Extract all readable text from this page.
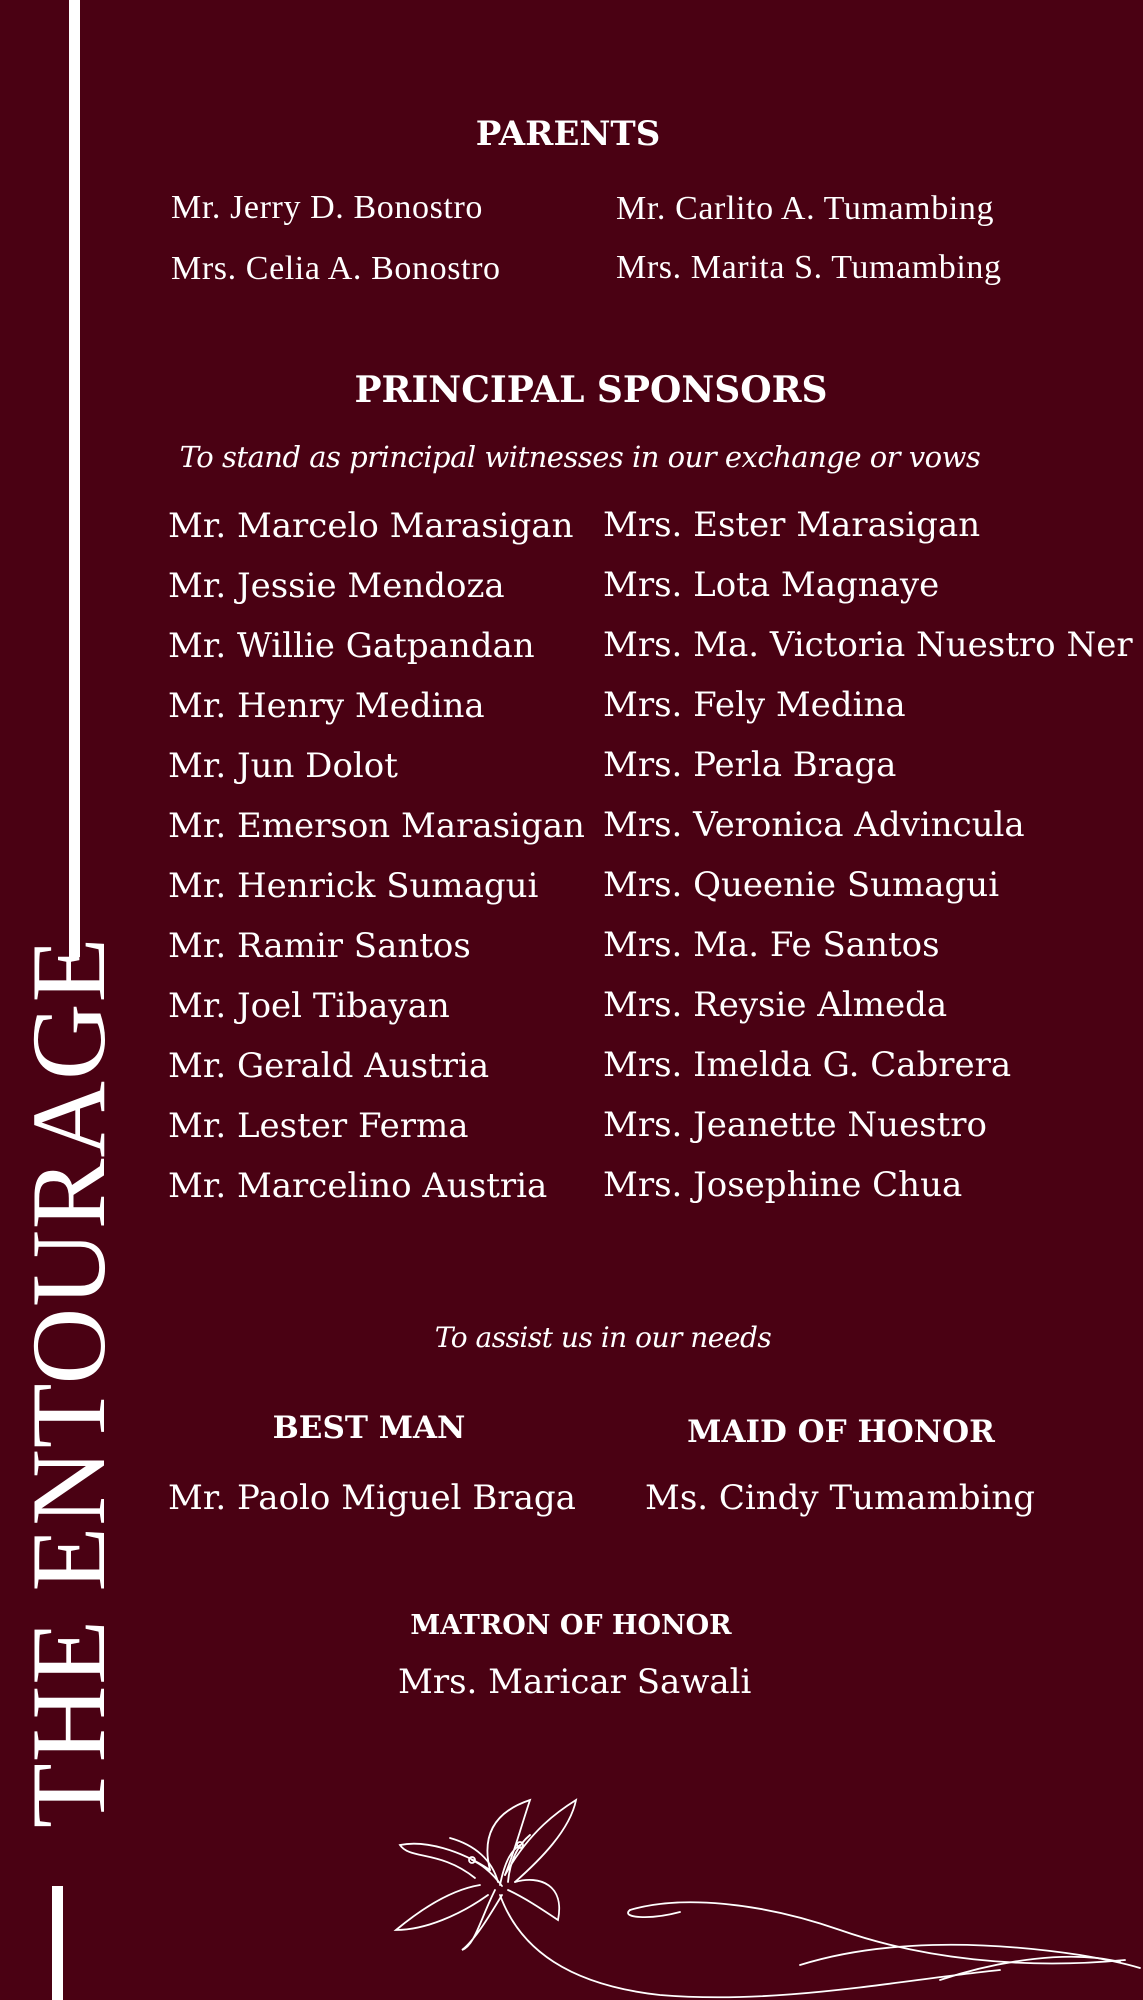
THE ENTOURAGE
PARENTS
Mr. Jerry D. Bonostro
Mrs. Celia A. Bonostro
Mr. Carlito A. Tumambing
Mrs. Marita S. Tumambing
PRINCIPAL SPONSORS
To stand as principal witnesses in our exchange or vows
Mr. Marcelo Marasigan
Mr. Jessie Mendoza
Mr. Willie Gatpandan
Mr. Henry Medina
Mr. Jun Dolot
Mr. Emerson Marasigan
Mr. Henrick Sumagui
Mr. Ramir Santos
Mr. Joel Tibayan
Mr. Gerald Austria
Mr. Lester Ferma
Mr. Marcelino Austria
Mrs. Ester Marasigan
Mrs. Lota Magnaye
Mrs. Ma. Victoria Nuestro Ner
Mrs. Fely Medina
Mrs. Perla Braga
Mrs. Veronica Advincula
Mrs. Queenie Sumagui
Mrs. Ma. Fe Santos
Mrs. Reysie Almeda
Mrs. Imelda G. Cabrera
Mrs. Jeanette Nuestro
Mrs. Josephine Chua
To assist us in our needs
BEST MAN
Mr. Paolo Miguel Braga
MAID OF HONOR
Ms. Cindy Tumambing
MATRON OF HONOR
Mrs. Maricar Sawali
